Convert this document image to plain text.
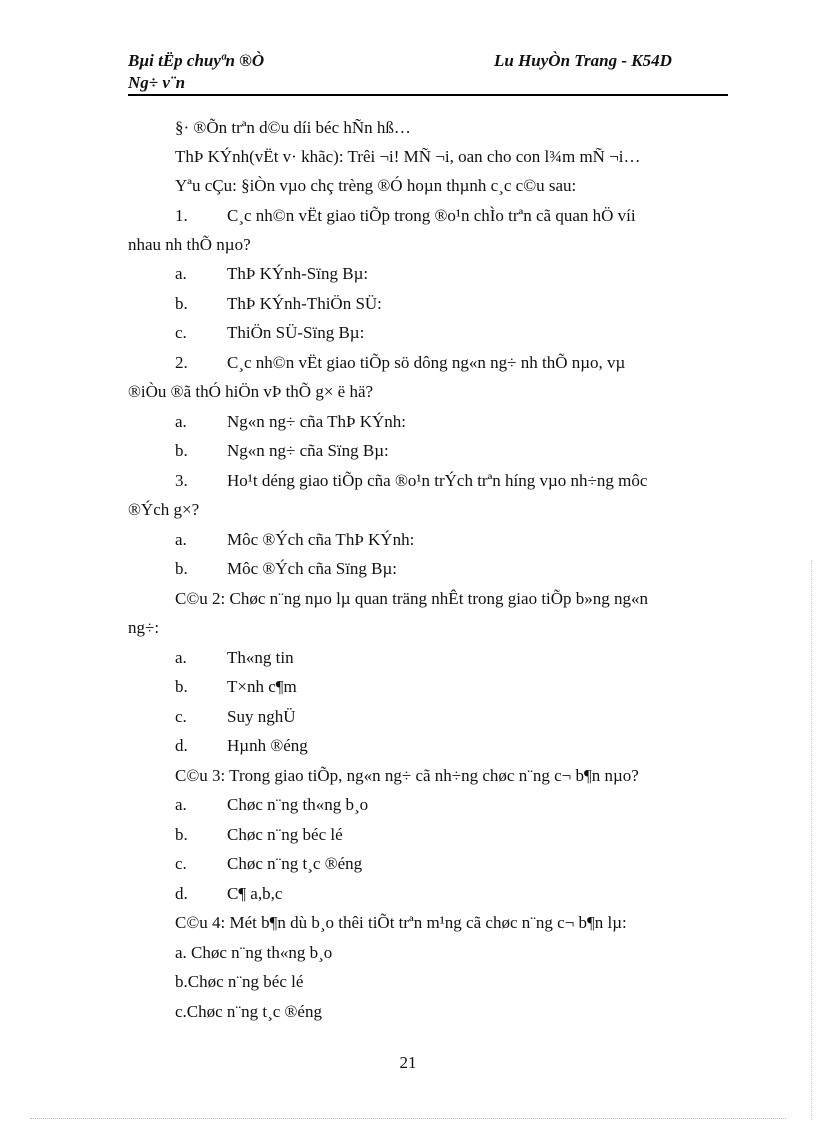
Bµi tËp chuyªn ®Ò
Ng÷ v¨n
Lu HuyÒn Trang - K54D
§· ®Õn trªn d©u díi béc hÑn hß…
ThÞ KÝnh(vËt v· khãc): Trêi ¬i! MÑ ¬i, oan cho con l¾m mÑ ¬i…
Yªu cÇu: §iÒn vµo chç trèng ®Ó hoµn thµnh c¸c c©u sau:
1. C¸c nh©n vËt giao tiÕp trong ®o¹n chÌo trªn cã quan hÖ víi
nhau nh thÕ nµo?
a. ThÞ KÝnh-Sïng Bµ:
b. ThÞ KÝnh-ThiÖn SÜ:
c. ThiÖn SÜ-Sïng Bµ:
2. C¸c nh©n vËt giao tiÕp sö dông ng«n ng÷ nh thÕ nµo, vµ
®iÒu ®ã thÓ hiÖn vÞ thÕ g× ë hä?
a. Ng«n ng÷ cña ThÞ KÝnh:
b. Ng«n ng÷ cña Sïng Bµ:
3. Ho¹t déng giao tiÕp cña ®o¹n trÝch trªn híng vµo nh÷ng môc
®Ých g×?
a. Môc ®Ých cña ThÞ KÝnh:
b. Môc ®Ých cña Sïng Bµ:
C©u 2: Chøc n¨ng nµo lµ quan träng nhÊt trong giao tiÕp b»ng ng«n
ng÷:
a. Th«ng tin
b. T×nh c¶m
c. Suy nghÜ
d. Hµnh ®éng
C©u 3: Trong giao tiÕp, ng«n ng÷ cã nh÷ng chøc n¨ng c¬ b¶n nµo?
a. Chøc n¨ng th«ng b¸o
b. Chøc n¨ng béc lé
c. Chøc n¨ng t¸c ®éng
d. C¶ a,b,c
C©u 4: Mét b¶n dù b¸o thêi tiÕt trªn m¹ng cã chøc n¨ng c¬ b¶n lµ:
a. Chøc n¨ng th«ng b¸o
b.Chøc n¨ng béc lé
c.Chøc n¨ng t¸c ®éng
21
